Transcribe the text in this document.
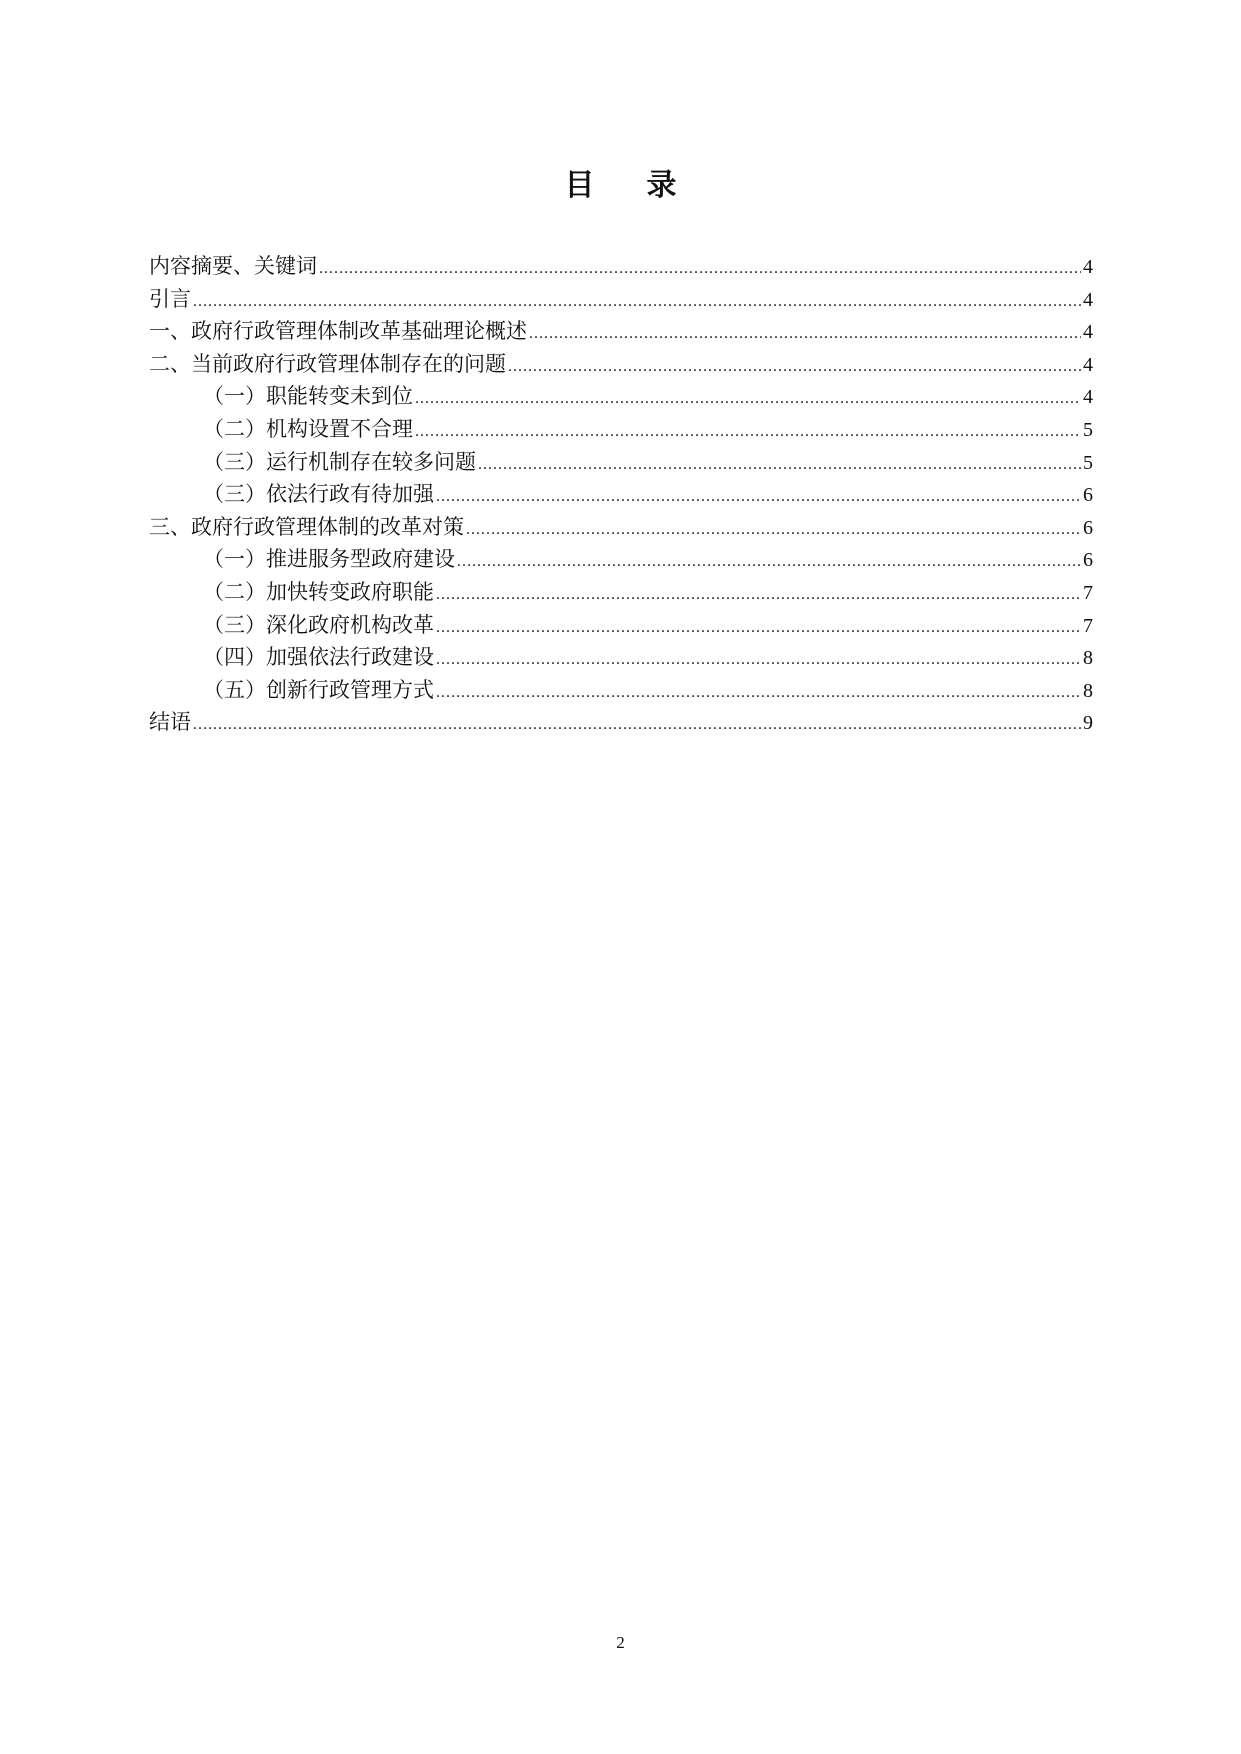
目 录
内容摘要、关键词 .....	4
引言 .....	4
一、政府行政管理体制改革基础理论概述 .....	4
二、当前政府行政管理体制存在的问题 .....	4
（一）职能转变未到位 .....	4
（二）机构设置不合理 .....	5
（三）运行机制存在较多问题 .....	5
（三）依法行政有待加强 .....	6
三、政府行政管理体制的改革对策 .....	6
（一）推进服务型政府建设 .....	6
（二）加快转变政府职能 .....	7
（三）深化政府机构改革 .....	7
（四）加强依法行政建设 .....	8
（五）创新行政管理方式 .....	8
结语 .....	9
2
